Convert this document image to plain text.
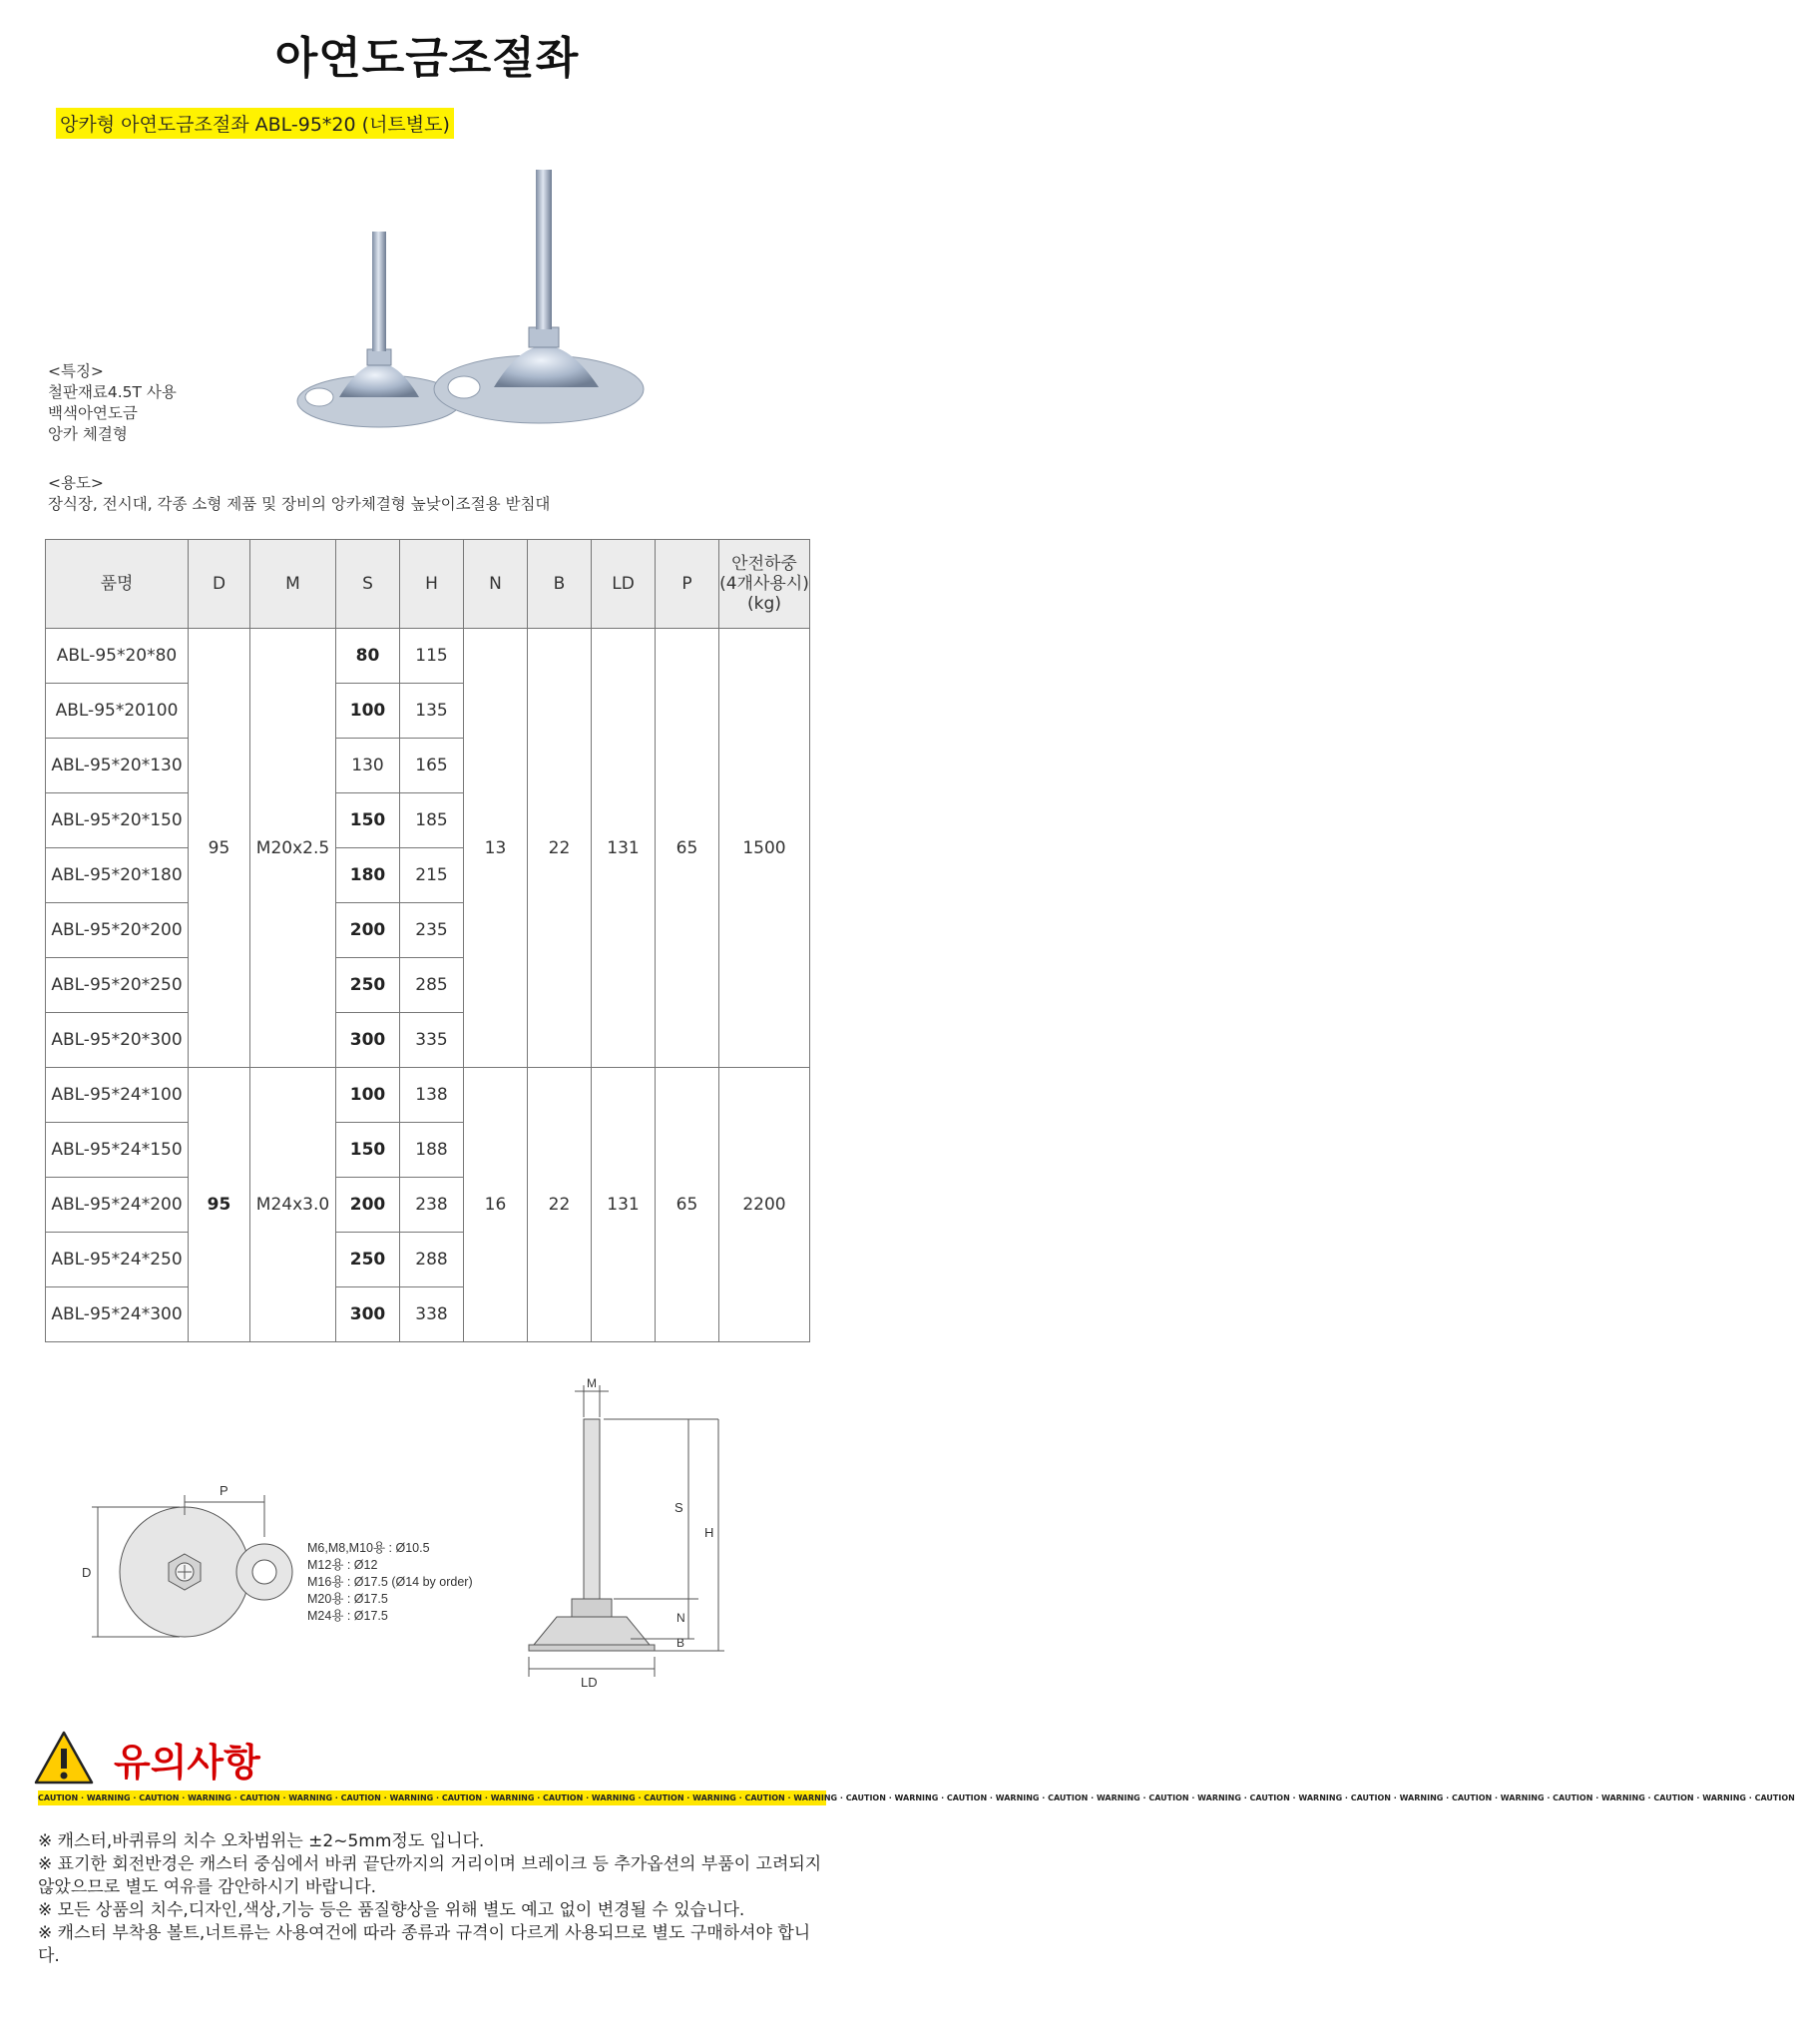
아연도금조절좌
앙카형 아연도금조절좌 ABL-95*20 (너트별도)
<특징>
철판재료4.5T 사용
백색아연도금
앙카 체결형
<용도>
장식장, 전시대, 각종 소형 제품 및 장비의 앙카체결형 높낮이조절용 받침대
품명	D	M	S	H	N	B	LD	P	안전하중
(4개사용시)
(kg)

ABL-95*20*80	95	M20x2.5	80	115	13	22	131	65	1500
ABL-95*20100			100	135					
ABL-95*20*130			130	165					
ABL-95*20*150			150	185					
ABL-95*20*180			180	215					
ABL-95*20*200			200	235					
ABL-95*20*250			250	285					
ABL-95*20*300			300	335					
ABL-95*24*100	95	M24x3.0	100	138	16	22	131	65	2200
ABL-95*24*150			150	188					
ABL-95*24*200			200	238					
ABL-95*24*250			250	288					
ABL-95*24*300			300	338					
P
D
M6,M8,M10용 : Ø10.5
M12용 : Ø12
M16용 : Ø17.5 (Ø14 by order)
M20용 : Ø17.5
M24용 : Ø17.5
M
S
H
N
B
LD
유의사항
CAUTION · WARNING · CAUTION · WARNING · CAUTION · WARNING · CAUTION · WARNING · CAUTION · WARNING · CAUTION · WARNING · CAUTION · WARNING · CAUTION · WARNING · CAUTION · WARNING · CAUTION · WARNING · CAUTION · WARNING · CAUTION · WARNING · CAUTION · WARNING · CAUTION · WARNING · CAUTION · WARNING · CAUTION · WARNING · CAUTION · WARNING · CAUTION

※ 캐스터,바퀴류의 치수 오차범위는 ±2~5mm정도 입니다.

※ 표기한 회전반경은 캐스터 중심에서 바퀴 끝단까지의 거리이며 브레이크 등 추가옵션의 부품이 고려되지 않았으므로 별도 여유를 감안하시기 바랍니다.

※ 모든 상품의 치수,디자인,색상,기능 등은 품질향상을 위해 별도 예고 없이 변경될 수 있습니다.

※ 캐스터 부착용 볼트,너트류는 사용여건에 따라 종류과 규격이 다르게 사용되므로 별도 구매하셔야 합니다.
